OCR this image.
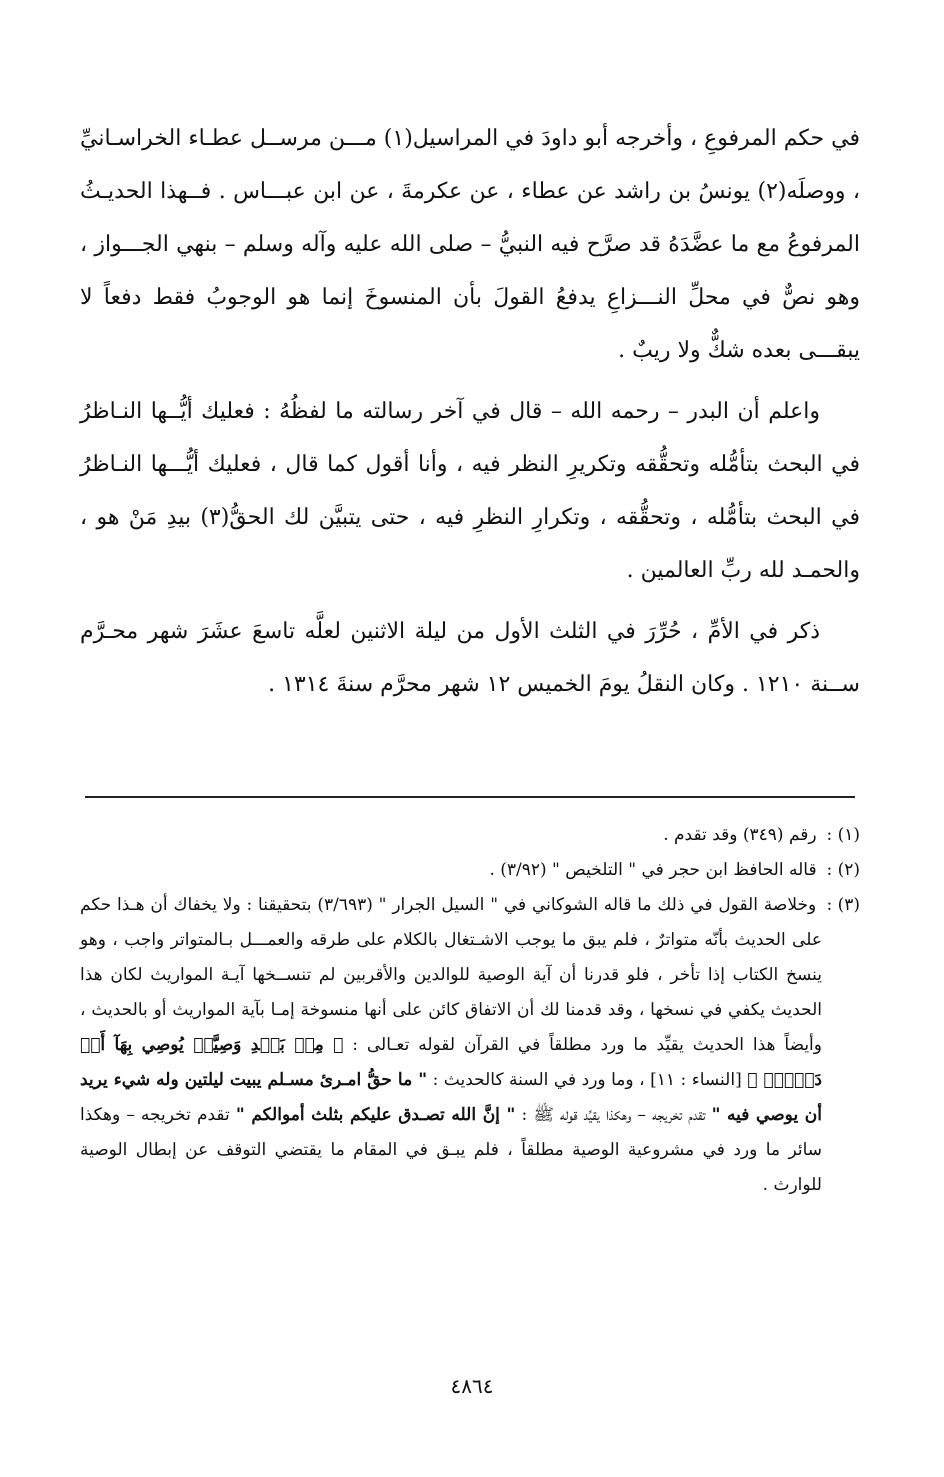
في حكم المرفوعِ ، وأخرجه أبو داودَ في المراسيل(١) مـــن مرســل عطـاء الخراسـانيِّ ، ووصلَه(٢) يونسُ بن راشد عن عطاء ، عن عكرمةَ ، عن ابن عبـــاس . فــهذا الحديـثُ المرفوعُ مع ما عضَّدَهُ قد صرَّح فيه النبيُّ – صلى الله عليه وآله وسلم – بنهي الجـــواز ، وهو نصٌّ في محلِّ النـــزاعِ يدفعُ القولَ بأن المنسوخَ إنما هو الوجوبُ فقط دفعاً لا يبقـــى بعده شكٌّ ولا ريبٌ .

واعلم أن البدر – رحمه الله – قال في آخر رسالته ما لفظُهُ : فعليك أيُّــها النـاظرُ في البحث بتأمُّله وتحقُّقه وتكريرِ النظر فيه ، وأنا أقول كما قال ، فعليك أيُّـــها النـاظرُ في البحث بتأمُّله ، وتحقُّقه ، وتكرارِ النظرِ فيه ، حتى يتبيَّن لك الحقُّ(٣) بيدِ مَنْ هو ، والحمـد لله ربِّ العالمين .

ذكر في الأمِّ ، حُرِّرَ في الثلث الأول من ليلة الاثنين لعلَّه تاسعَ عشَرَ شهر محـرَّم ســنة ١٢١٠ . وكان النقلُ يومَ الخميس ١٢ شهر محرَّم سنةَ ١٣١٤ .

(١) : رقم (٣٤٩) وقد تقدم .

(٢) : قاله الحافظ ابن حجر في " التلخيص " (٣/٩٢) .

(٣) : وخلاصة القول في ذلك ما قاله الشوكاني في " السيل الجرار " (٣/٦٩٣) بتحقيقنا : ولا يخفاك أن هـذا حكم على الحديث بأنّه متواترٌ ، فلم يبق ما يوجب الاشـتغال بالكلام على طرقه والعمـــل بـالمتواتر واجب ، وهو ينسخ الكتاب إذا تأخر ، فلو قدرنا أن آية الوصية للوالدين والأقربين لم تنســخها آيـة المواريث لكان هذا الحديث يكفي في نسخها ، وقد قدمنا لك أن الاتفاق كائن على أنها منسوخة إمـا بآية المواريث أو بالحديث ، وأيضاً هذا الحديث يقيِّد ما ورد مطلقاً في القرآن لقوله تعـالى : ﴿ مِنۢ بَعۡدِ وَصِيَّةٖ يُوصِي بِهَآ أَوۡ دَيۡنٍۗ ﴾ [النساء : ١١] ، وما ورد في السنة كالحديث : " ما حقُّ امـرئ مسـلم يبيت ليلتين وله شيء يريد أن يوصي فيه " تقدم تخريجه – وهكذا يقيِّد قوله ﷺ : " إنَّ الله تصـدق عليكم بثلث أموالكم " تقدم تخريجه – وهكذا سائر ما ورد في مشروعية الوصية مطلقاً ، فلم يبـق في المقام ما يقتضي التوقف عن إبطال الوصية للوارث .

٤٨٦٤
